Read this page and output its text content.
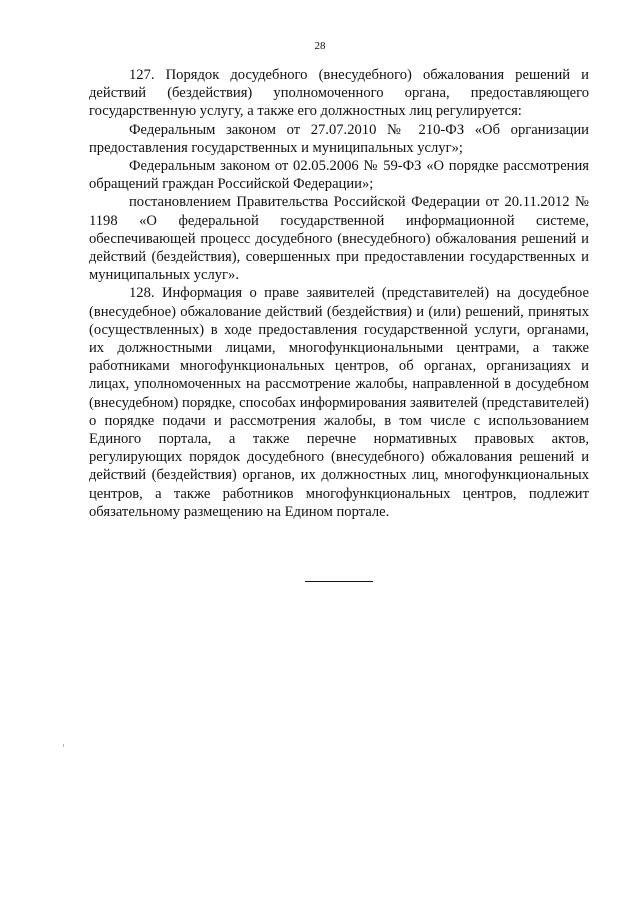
28

127. Порядок досудебного (внесудебного) обжалования решений и действий (бездействия) уполномоченного органа, предоставляющего государственную услугу, а также его должностных лиц регулируется:

Федеральным законом от 27.07.2010 № 210-ФЗ «Об организации предоставления государственных и муниципальных услуг»;

Федеральным законом от 02.05.2006 № 59-ФЗ «О порядке рассмотрения обращений граждан Российской Федерации»;

постановлением Правительства Российской Федерации от 20.11.2012 № 1198 «О федеральной государственной информационной системе, обеспечивающей процесс досудебного (внесудебного) обжалования решений и действий (бездействия), совершенных при предоставлении государственных и муниципальных услуг».

128. Информация о праве заявителей (представителей) на досудебное (внесудебное) обжалование действий (бездействия) и (или) решений, принятых (осуществленных) в ходе предоставления государственной услуги, органами, их должностными лицами, многофункциональными центрами, а также работниками многофункциональных центров, об органах, организациях и лицах, уполномоченных на рассмотрение жалобы, направленной в досудебном (внесудебном) порядке, способах информирования заявителей (представителей) о порядке подачи и рассмотрения жалобы, в том числе с использованием Единого портала, а также перечне нормативных правовых актов, регулирующих порядок досудебного (внесудебного) обжалования решений и действий (бездействия) органов, их должностных лиц, многофункциональных центров, а также работников многофункциональных центров, подлежит обязательному размещению на Едином портале.
